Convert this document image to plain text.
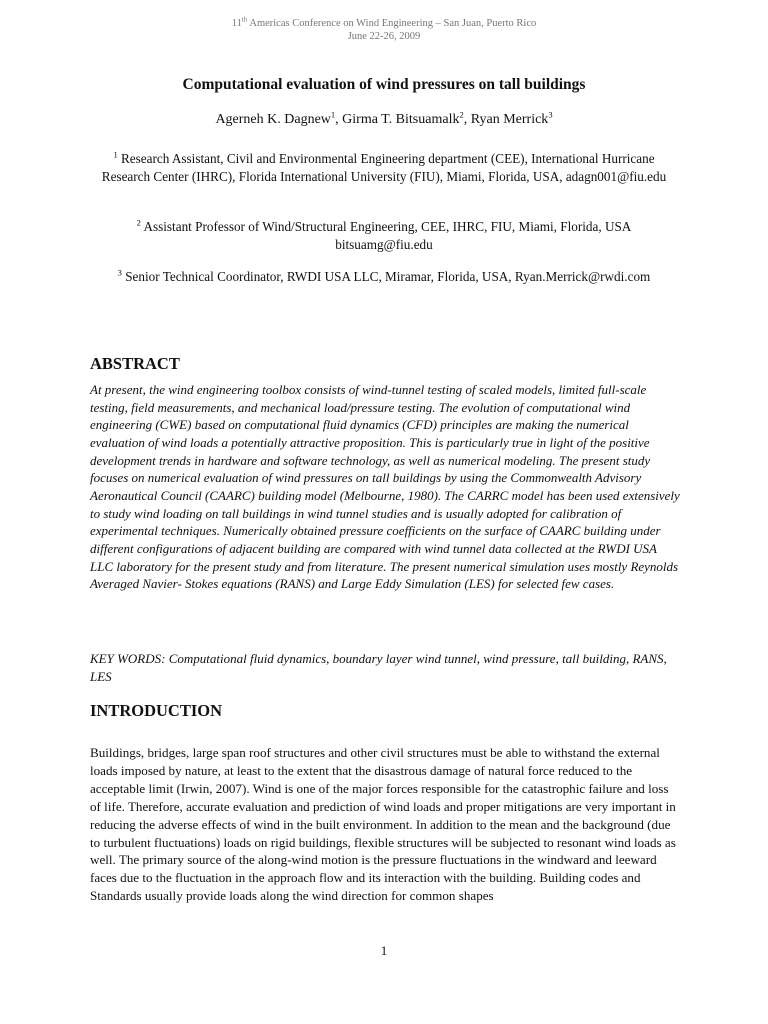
11th Americas Conference on Wind Engineering – San Juan, Puerto Rico
June 22-26, 2009
Computational evaluation of wind pressures on tall buildings
Agerneh K. Dagnew$^1$, Girma T. Bitsuamalk$^2$, Ryan Merrick$^3$
$^1$ Research Assistant, Civil and Environmental Engineering department (CEE), International Hurricane Research Center (IHRC), Florida International University (FIU), Miami, Florida, USA, adagn001@fiu.edu
$^2$ Assistant Professor of Wind/Structural Engineering, CEE, IHRC, FIU, Miami, Florida, USA bitsuamg@fiu.edu
$^3$ Senior Technical Coordinator, RWDI USA LLC, Miramar, Florida, USA, Ryan.Merrick@rwdi.com
ABSTRACT
At present, the wind engineering toolbox consists of wind-tunnel testing of scaled models, limited full-scale testing, field measurements, and mechanical load/pressure testing. The evolution of computational wind engineering (CWE) based on computational fluid dynamics (CFD) principles are making the numerical evaluation of wind loads a potentially attractive proposition. This is particularly true in light of the positive development trends in hardware and software technology, as well as numerical modeling. The present study focuses on numerical evaluation of wind pressures on tall buildings by using the Commonwealth Advisory Aeronautical Council (CAARC) building model (Melbourne, 1980). The CARRC model has been used extensively to study wind loading on tall buildings in wind tunnel studies and is usually adopted for calibration of experimental techniques. Numerically obtained pressure coefficients on the surface of CAARC building under different configurations of adjacent building are compared with wind tunnel data collected at the RWDI USA LLC laboratory for the present study and from literature. The present numerical simulation uses mostly Reynolds Averaged Navier- Stokes equations (RANS) and Large Eddy Simulation (LES) for selected few cases.
KEY WORDS: Computational fluid dynamics, boundary layer wind tunnel, wind pressure, tall building, RANS, LES
INTRODUCTION
Buildings, bridges, large span roof structures and other civil structures must be able to withstand the external loads imposed by nature, at least to the extent that the disastrous damage of natural force reduced to the acceptable limit (Irwin, 2007). Wind is one of the major forces responsible for the catastrophic failure and loss of life. Therefore, accurate evaluation and prediction of wind loads and proper mitigations are very important in reducing the adverse effects of wind in the built environment. In addition to the mean and the background (due to turbulent fluctuations) loads on rigid buildings, flexible structures will be subjected to resonant wind loads as well. The primary source of the along-wind motion is the pressure fluctuations in the windward and leeward faces due to the fluctuation in the approach flow and its interaction with the building. Building codes and Standards usually provide loads along the wind direction for common shapes
1
